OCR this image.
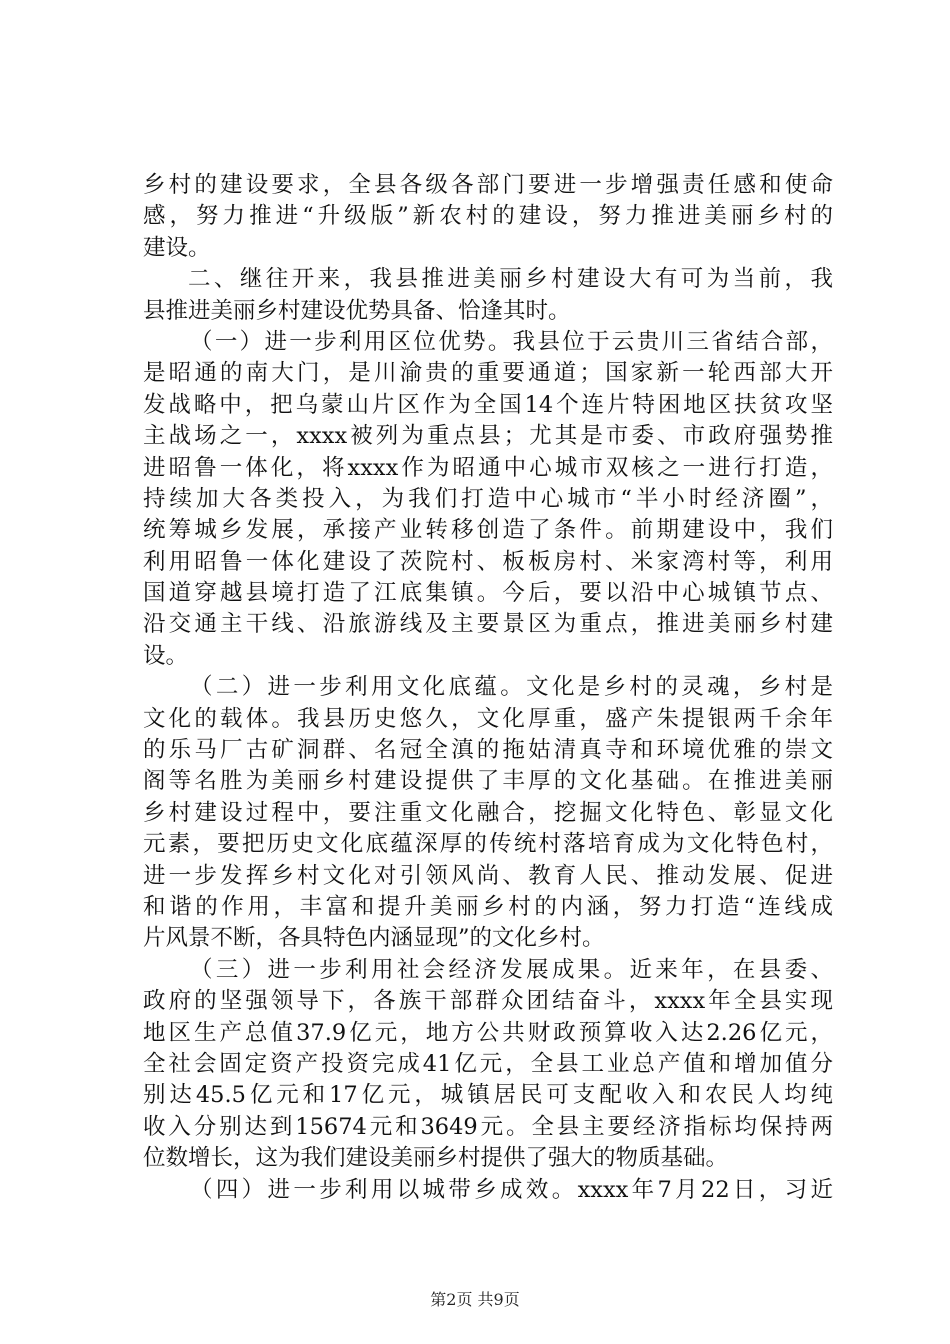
乡村的建设要求，全县各级各部门要进一步增强责任感和使命
感，努力推进“升级版”新农村的建设，努力推进美丽乡村的
建设。
二、继往开来，我县推进美丽乡村建设大有可为当前，我
县推进美丽乡村建设优势具备、恰逢其时。
（一）进一步利用区位优势。我县位于云贵川三省结合部，
是昭通的南大门，是川渝贵的重要通道；国家新一轮西部大开
发战略中，把乌蒙山片区作为全国14个连片特困地区扶贫攻坚
主战场之一，xxxx被列为重点县；尤其是市委、市政府强势推
进昭鲁一体化，将xxxx作为昭通中心城市双核之一进行打造，
持续加大各类投入，为我们打造中心城市“半小时经济圈”，
统筹城乡发展，承接产业转移创造了条件。前期建设中，我们
利用昭鲁一体化建设了茨院村、板板房村、米家湾村等，利用
国道穿越县境打造了江底集镇。今后，要以沿中心城镇节点、
沿交通主干线、沿旅游线及主要景区为重点，推进美丽乡村建
设。
（二）进一步利用文化底蕴。文化是乡村的灵魂，乡村是
文化的载体。我县历史悠久，文化厚重，盛产朱提银两千余年
的乐马厂古矿洞群、名冠全滇的拖姑清真寺和环境优雅的崇文
阁等名胜为美丽乡村建设提供了丰厚的文化基础。在推进美丽
乡村建设过程中，要注重文化融合，挖掘文化特色、彰显文化
元素，要把历史文化底蕴深厚的传统村落培育成为文化特色村，
进一步发挥乡村文化对引领风尚、教育人民、推动发展、促进
和谐的作用，丰富和提升美丽乡村的内涵，努力打造“连线成
片风景不断，各具特色内涵显现”的文化乡村。
（三）进一步利用社会经济发展成果。近来年，在县委、
政府的坚强领导下，各族干部群众团结奋斗，xxxx年全县实现
地区生产总值37.9亿元，地方公共财政预算收入达2.26亿元，
全社会固定资产投资完成41亿元，全县工业总产值和增加值分
别达45.5亿元和17亿元，城镇居民可支配收入和农民人均纯
收入分别达到15674元和3649元。全县主要经济指标均保持两
位数增长，这为我们建设美丽乡村提供了强大的物质基础。
（四）进一步利用以城带乡成效。xxxx年7月22日，习近
第2页 共9页
